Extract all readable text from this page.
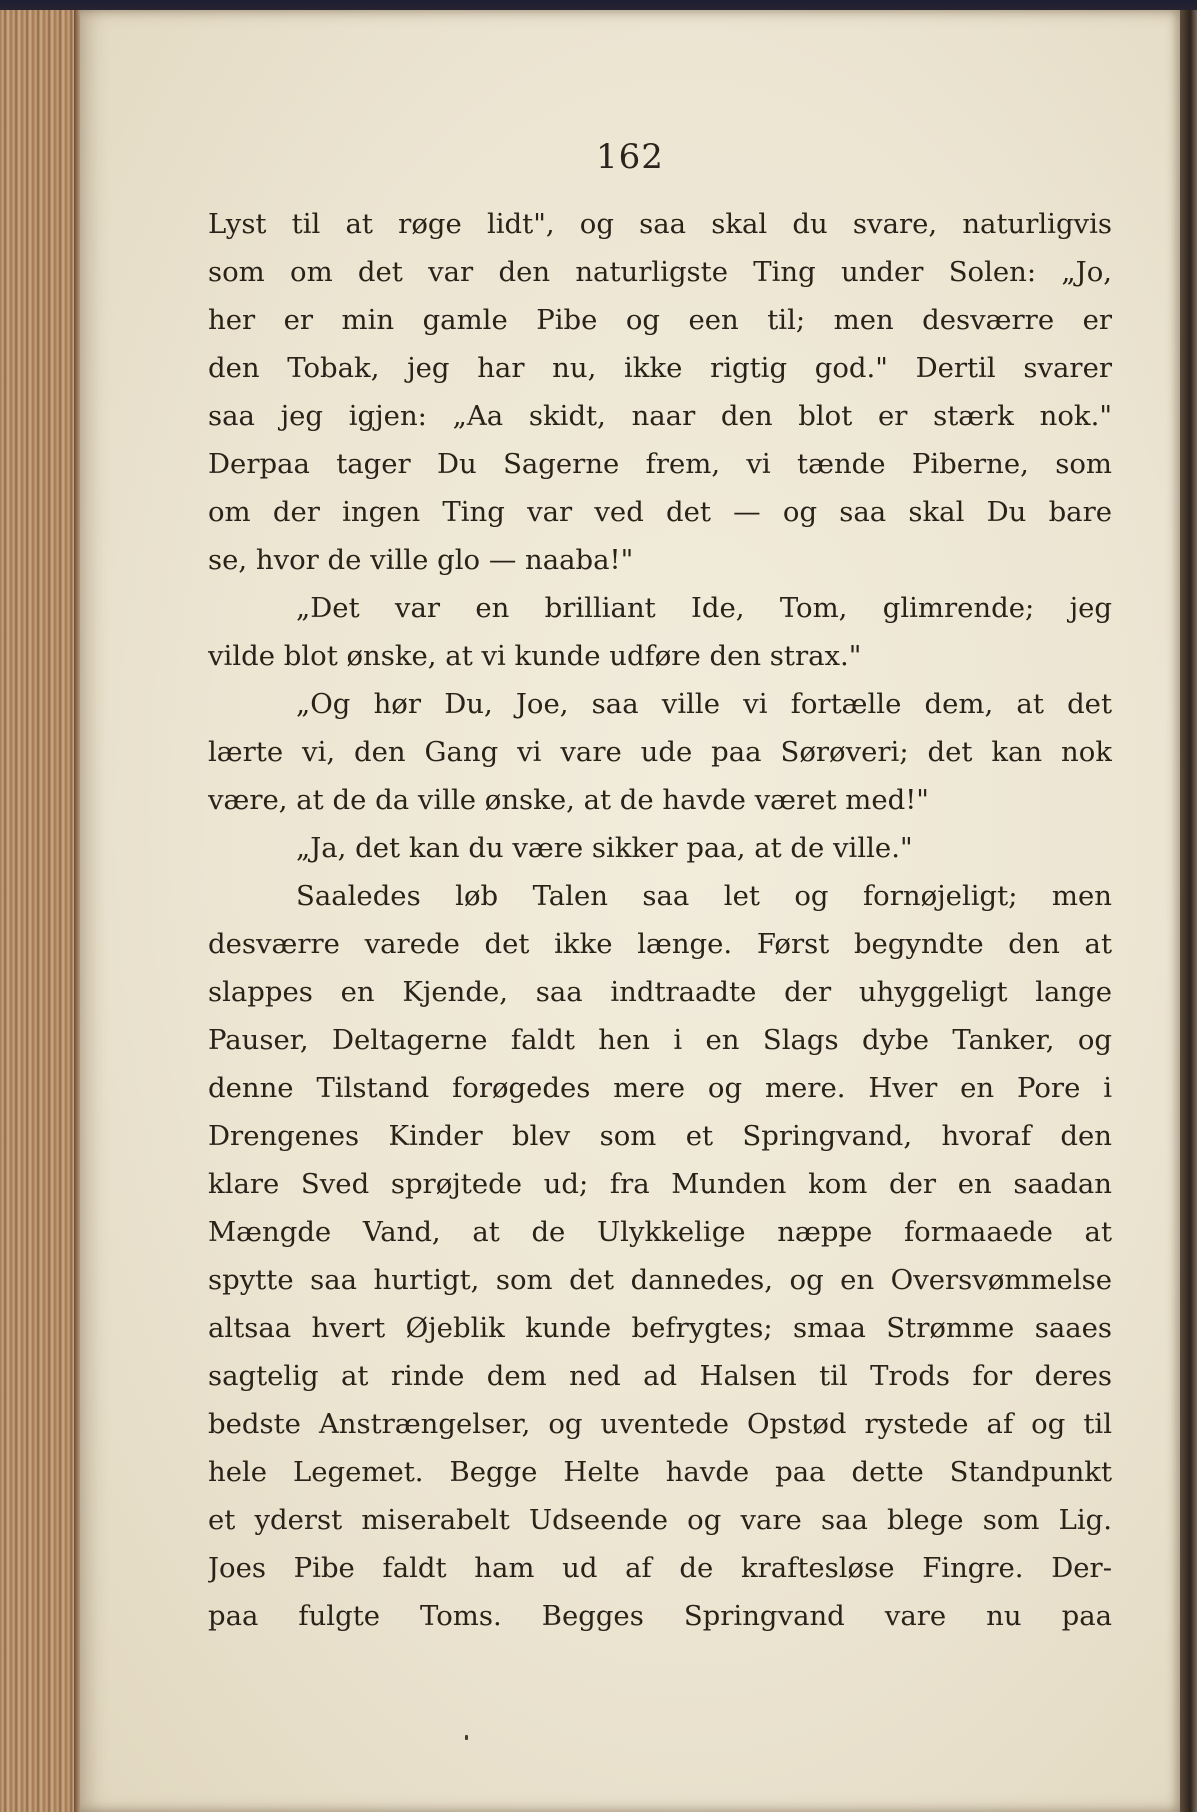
162
Lyst til at røge lidt", og saa skal du svare, naturligvis
som om det var den naturligste Ting under Solen: „Jo,
her er min gamle Pibe og een til; men desværre er
den Tobak, jeg har nu, ikke rigtig god." Dertil svarer
saa jeg igjen: „Aa skidt, naar den blot er stærk nok."
Derpaa tager Du Sagerne frem, vi tænde Piberne, som
om der ingen Ting var ved det — og saa skal Du bare
se, hvor de ville glo — naaba!"
„Det var en brilliant Ide, Tom, glimrende; jeg
vilde blot ønske, at vi kunde udføre den strax."
„Og hør Du, Joe, saa ville vi fortælle dem, at det
lærte vi, den Gang vi vare ude paa Sørøveri; det kan nok
være, at de da ville ønske, at de havde været med!"
„Ja, det kan du være sikker paa, at de ville."
Saaledes løb Talen saa let og fornøjeligt; men
desværre varede det ikke længe. Først begyndte den at
slappes en Kjende, saa indtraadte der uhyggeligt lange
Pauser, Deltagerne faldt hen i en Slags dybe Tanker, og
denne Tilstand forøgedes mere og mere. Hver en Pore i
Drengenes Kinder blev som et Springvand, hvoraf den
klare Sved sprøjtede ud; fra Munden kom der en saadan
Mængde Vand, at de Ulykkelige næppe formaaede at
spytte saa hurtigt, som det dannedes, og en Oversvømmelse
altsaa hvert Øjeblik kunde befrygtes; smaa Strømme saaes
sagtelig at rinde dem ned ad Halsen til Trods for deres
bedste Anstrængelser, og uventede Opstød rystede af og til
hele Legemet. Begge Helte havde paa dette Standpunkt
et yderst miserabelt Udseende og vare saa blege som Lig.
Joes Pibe faldt ham ud af de kraftesløse Fingre. Der-
paa fulgte Toms. Begges Springvand vare nu paa
